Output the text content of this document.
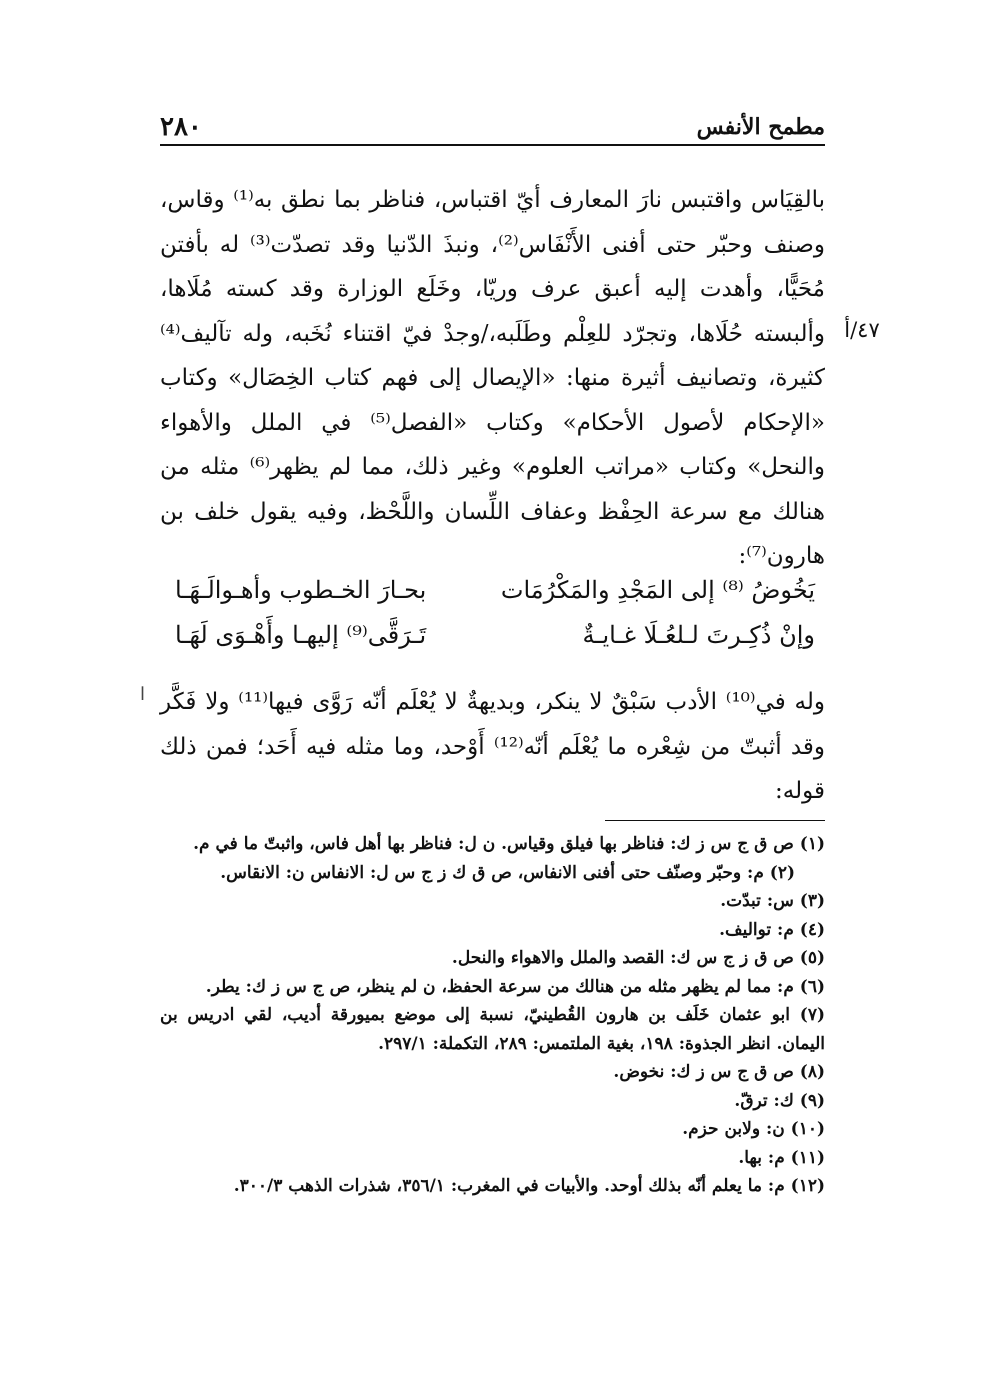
٢٨٠	مطمح الأنفس
٤٧/أ
ا

بالقِيَاس واقتبس نارَ المعارف أيّ اقتباس، فناظر بما نطق به⁽¹⁾ وقاس، وصنف وحبّر حتى أفنى الأَنْفَاس⁽²⁾، ونبذَ الدّنيا وقد تصدّت⁽³⁾ له بأفتن مُحَيًّا، وأهدت إليه أعبق عرف وريّا، وخَلَع الوزارة وقد كسته مُلَاها، وألبسته حُلَاها، وتجرّد للعِلْم وطَلَبه،/وجدْ فيّ اقتناء نُخَبه، وله تآليف⁽⁴⁾ كثيرة، وتصانيف أثيرة منها: «الإيصال إلى فهم كتاب الخِصَال» وكتاب «الإحكام لأصول الأحكام» وكتاب «الفصل⁽⁵⁾ في الملل والأهواء والنحل» وكتاب «مراتب العلوم» وغير ذلك، مما لم يظهر⁽⁶⁾ مثله من هنالك مع سرعة الحِفْظ وعفاف اللِّسان واللَّحْظ، وفيه يقول خلف بن هارون⁽⁷⁾:

يَخُوضُ ⁽⁸⁾ إلى المَجْدِ والمَكْرُمَات
بحـارَ الخـطوب وأهـوالَـهَـا
وإنْ ذُكِـرتَ لـلعُـلَا غـايـةٌ
تَـرَقَّى⁽⁹⁾ إليهـا وأَهْـوَى لَهَـا

وله في⁽¹⁰⁾ الأدب سَبْقٌ لا ينكر، وبديهةٌ لا يُعْلَم أنّه رَوَّى فيها⁽¹¹⁾ ولا فَكَّر وقد أثبتّ من شِعْره ما يُعْلَم أنّه⁽¹²⁾ أَوْحد، وما مثله فيه أَحَد؛ فمن ذلك قوله:

(١) ص ق ج س ز ك: فناظر بها فيلق وقياس. ن ل: فناظر بها أهل فاس، واثبتّ ما في م.
(٢) م: وحبّر وصنّف حتى أفنى الانفاس، ص ق ك ز ج س ل: الانفاس ن: الانقاس.
(٣) س: تبدّت.
(٤) م: تواليف.
(٥) ص ق ز ج س ك: القصد والملل والاهواء والنحل.
(٦) م: مما لم يظهر مثله من هنالك من سرعة الحفظ، ن لم ينظر، ص ج س ز ك: يطر.
(٧) ابو عثمان خَلَف بن هارون القُطينيّ، نسبة إلى موضع بميورقة أديب، لقي ادريس بن اليمان. انظر الجذوة: ١٩٨، بغية الملتمس: ٢٨٩، التكملة: ٢٩٧/١.
(٨) ص ق ج س ز ك: نخوض.
(٩) ك: ترقّ.
(١٠) ن: ولابن حزم.
(١١) م: بها.
(١٢) م: ما يعلم أنّه بذلك أوحد. والأبيات في المغرب: ٣٥٦/١، شذرات الذهب ٣٠٠/٣.
